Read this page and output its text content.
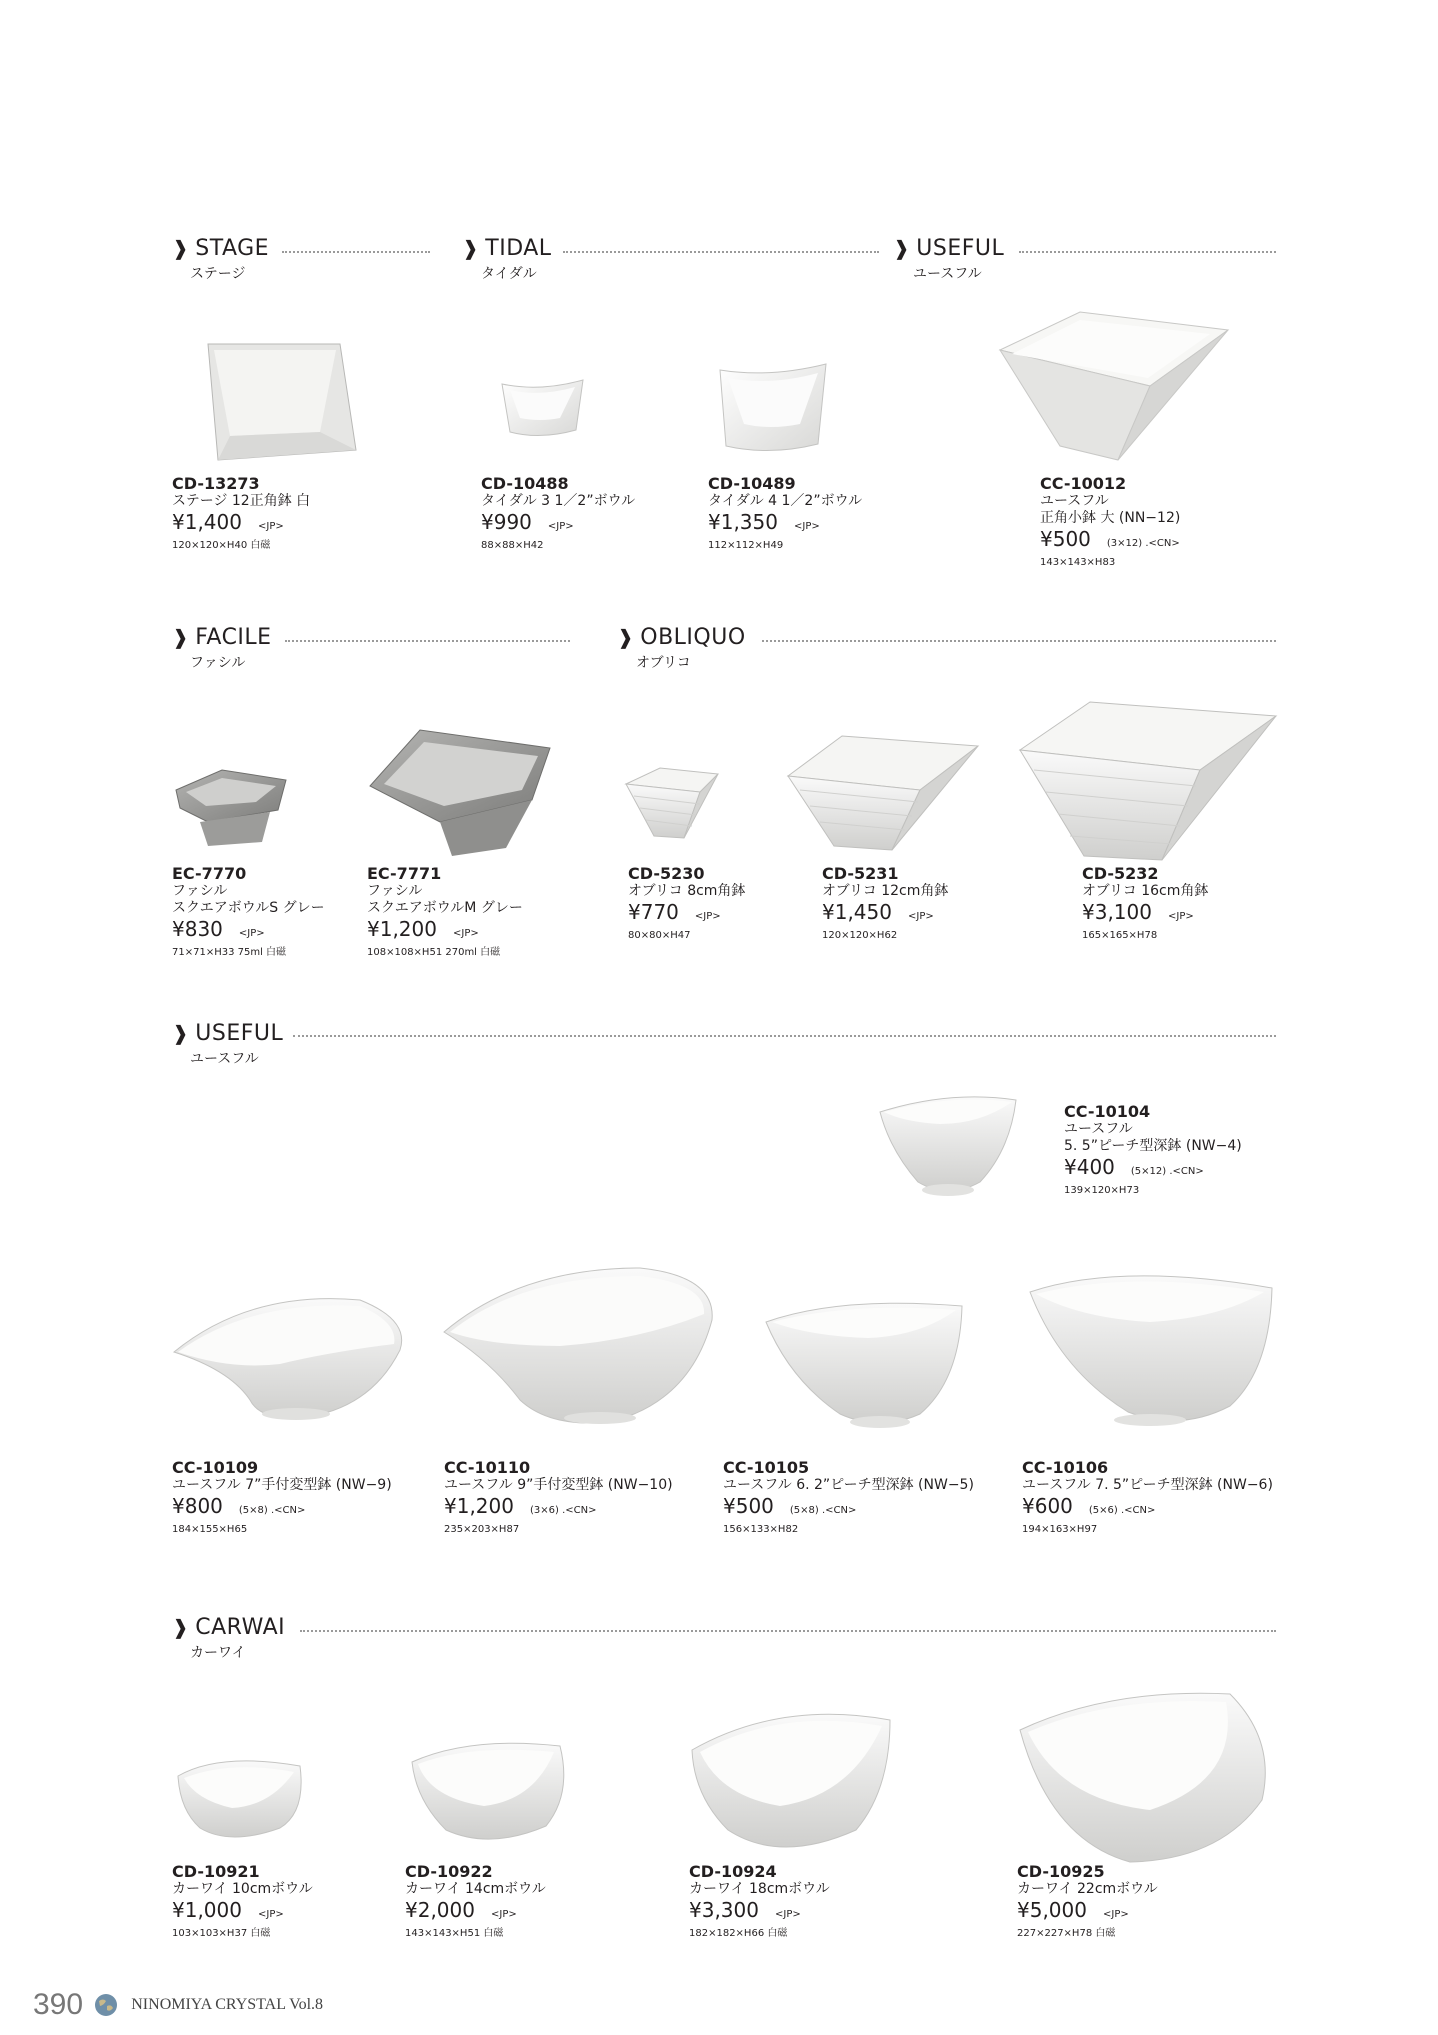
❱ STAGE
ステージ
❱ TIDAL
タイダル
❱ USEFUL
ユースフル
❱ FACILE
ファシル
❱ OBLIQUO
オブリコ
❱ USEFUL
ユースフル
❱ CARWAI
カーワイ
CD-13273
ステージ 12正角鉢 白
¥1,400 <JP>
120×120×H40 白磁
CD-10488
タイダル 3 1／2”ボウル
¥990 <JP>
88×88×H42
CD-10489
タイダル 4 1／2”ボウル
¥1,350 <JP>
112×112×H49
CC-10012
ユースフル
正角小鉢 大 (NN−12)
¥500 (3×12) .<CN>
143×143×H83
EC-7770
ファシル
スクエアボウルS グレー
¥830 <JP>
71×71×H33 75ml 白磁
EC-7771
ファシル
スクエアボウルM グレー
¥1,200 <JP>
108×108×H51 270ml 白磁
CD-5230
オブリコ 8cm角鉢
¥770 <JP>
80×80×H47
CD-5231
オブリコ 12cm角鉢
¥1,450 <JP>
120×120×H62
CD-5232
オブリコ 16cm角鉢
¥3,100 <JP>
165×165×H78
CC-10104
ユースフル
5. 5”ピーチ型深鉢 (NW−4)
¥400 (5×12) .<CN>
139×120×H73
CC-10109
ユースフル 7”手付変型鉢 (NW−9)
¥800 (5×8) .<CN>
184×155×H65
CC-10110
ユースフル 9”手付変型鉢 (NW−10)
¥1,200 (3×6) .<CN>
235×203×H87
CC-10105
ユースフル 6. 2”ピーチ型深鉢 (NW−5)
¥500 (5×8) .<CN>
156×133×H82
CC-10106
ユースフル 7. 5”ピーチ型深鉢 (NW−6)
¥600 (5×6) .<CN>
194×163×H97
CD-10921
カーワイ 10cmボウル
¥1,000 <JP>
103×103×H37 白磁
CD-10922
カーワイ 14cmボウル
¥2,000 <JP>
143×143×H51 白磁
CD-10924
カーワイ 18cmボウル
¥3,300 <JP>
182×182×H66 白磁
CD-10925
カーワイ 22cmボウル
¥5,000 <JP>
227×227×H78 白磁
390	NINOMIYA CRYSTAL Vol.8
